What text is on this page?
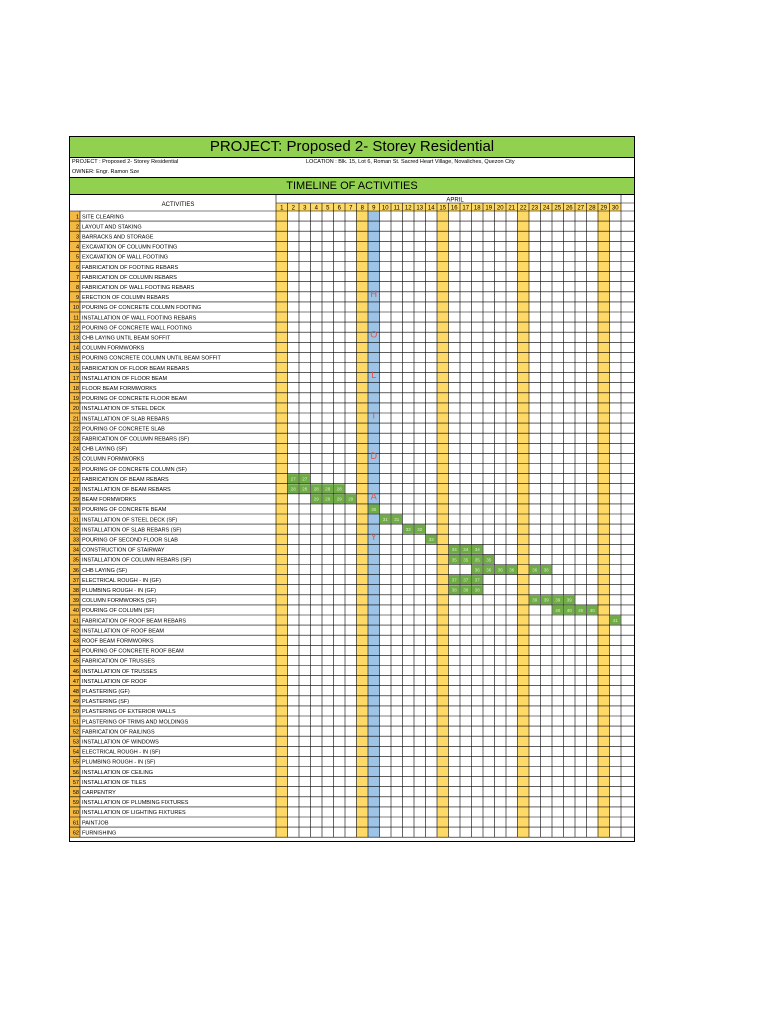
PROJECT: Proposed 2- Storey Residential
PROJECT : Proposed 2- Storey Residential	LOCATION : Blk. 15, Lot 6, Roman St. Sacred Heart Village, Novaliches, Quezon City
OWNER: Engr. Ramon Sze
TIMELINE OF ACTIVITIES
27 27
28 28 28 28 28
29 29 29 29
30
31 31
32 32
33
34 34 34
35 35 35 35
36 36 36 36	36 36
37 37 37
38 38 38
39 39 39 39
40 40 40 40
41
ACTIVITIES
APRIL
1 2 3 4 5 6 7 8 9 10 11 12 13 14 15 16 17 18 19 20 21 22 23 24 25 26 27 28 29 30
1 SITE CLEARING
2 LAYOUT AND STAKING
3 BARRACKS AND STORAGE
4 EXCAVATION OF COLUMN FOOTING
5 EXCAVATION OF WALL FOOTING
6 FABRICATION OF FOOTING REBARS
7 FABRICATION OF COLUMN REBARS
8 FABRICATION OF WALL FOOTING REBARS
9 ERECTION OF COLUMN REBARS
10 POURING OF CONCRETE COLUMN FOOTING
11 INSTALLATION OF WALL FOOTING REBARS
12 POURING OF CONCRETE WALL FOOTING
13 CHB LAYING UNTIL BEAM SOFFIT
14 COLUMN FORMWORKS
15 POURING CONCRETE COLUMN UNTIL BEAM SOFFIT
16 FABRICATION OF FLOOR BEAM REBARS
17 INSTALLATION OF FLOOR BEAM
18 FLOOR BEAM FORMWORKS
19 POURING OF CONCRETE FLOOR BEAM
20 INSTALLATION OF STEEL DECK
21 INSTALLATION OF SLAB REBARS
22 POURING OF CONCRETE SLAB
23 FABRICATION OF COLUMN REBARS (SF)
24 CHB LAYING (SF)
25 COLUMN FORMWORKS
26 POURING OF CONCRETE COLUMN (SF)
27 FABRICATION OF BEAM REBARS
28 INSTALLATION OF BEAM REBARS
29 BEAM FORMWORKS
30 POURING OF CONCRETE BEAM
31 INSTALLATION OF STEEL DECK (SF)
32 INSTALLATION OF SLAB REBARS (SF)
33 POURING OF SECOND FLOOR SLAB
34 CONSTRUCTION OF STAIRWAY
35 INSTALLATION OF COLUMN REBARS (SF)
36 CHB LAYING (SF)
37 ELECTRICAL ROUGH - IN (GF)
38 PLUMBING ROUGH - IN (GF)
39 COLUMN FORMWORKS (SF)
40 POURING OF COLUMN (SF)
41 FABRICATION OF ROOF BEAM REBARS
42 INSTALLATION OF ROOF BEAM
43 ROOF BEAM FORMWORKS
44 POURING OF CONCRETE ROOF BEAM
45 FABRICATION OF TRUSSES
46 INSTALLATION OF TRUSSES
47 INSTALLATION OF ROOF
48 PLASTERING (GF)
49 PLASTERING (SF)
50 PLASTERING OF EXTERIOR WALLS
51 PLASTERING OF TRIMS AND MOLDINGS
52 FABRICATION OF RAILINGS
53 INSTALLATION OF WINDOWS
54 ELECTRICAL ROUGH - IN (SF)
55 PLUMBING ROUGH - IN (SF)
56 INSTALLATION OF CEILING
57 INSTALLATION OF TILES
58 CARPENTRY
59 INSTALLATION OF PLUMBING FIXTURES
60 INSTALLATION OF LIGHTING FIXTURES
61 PAINTJOB
62 FURNISHING
H
O
L
I
D
A
Y
